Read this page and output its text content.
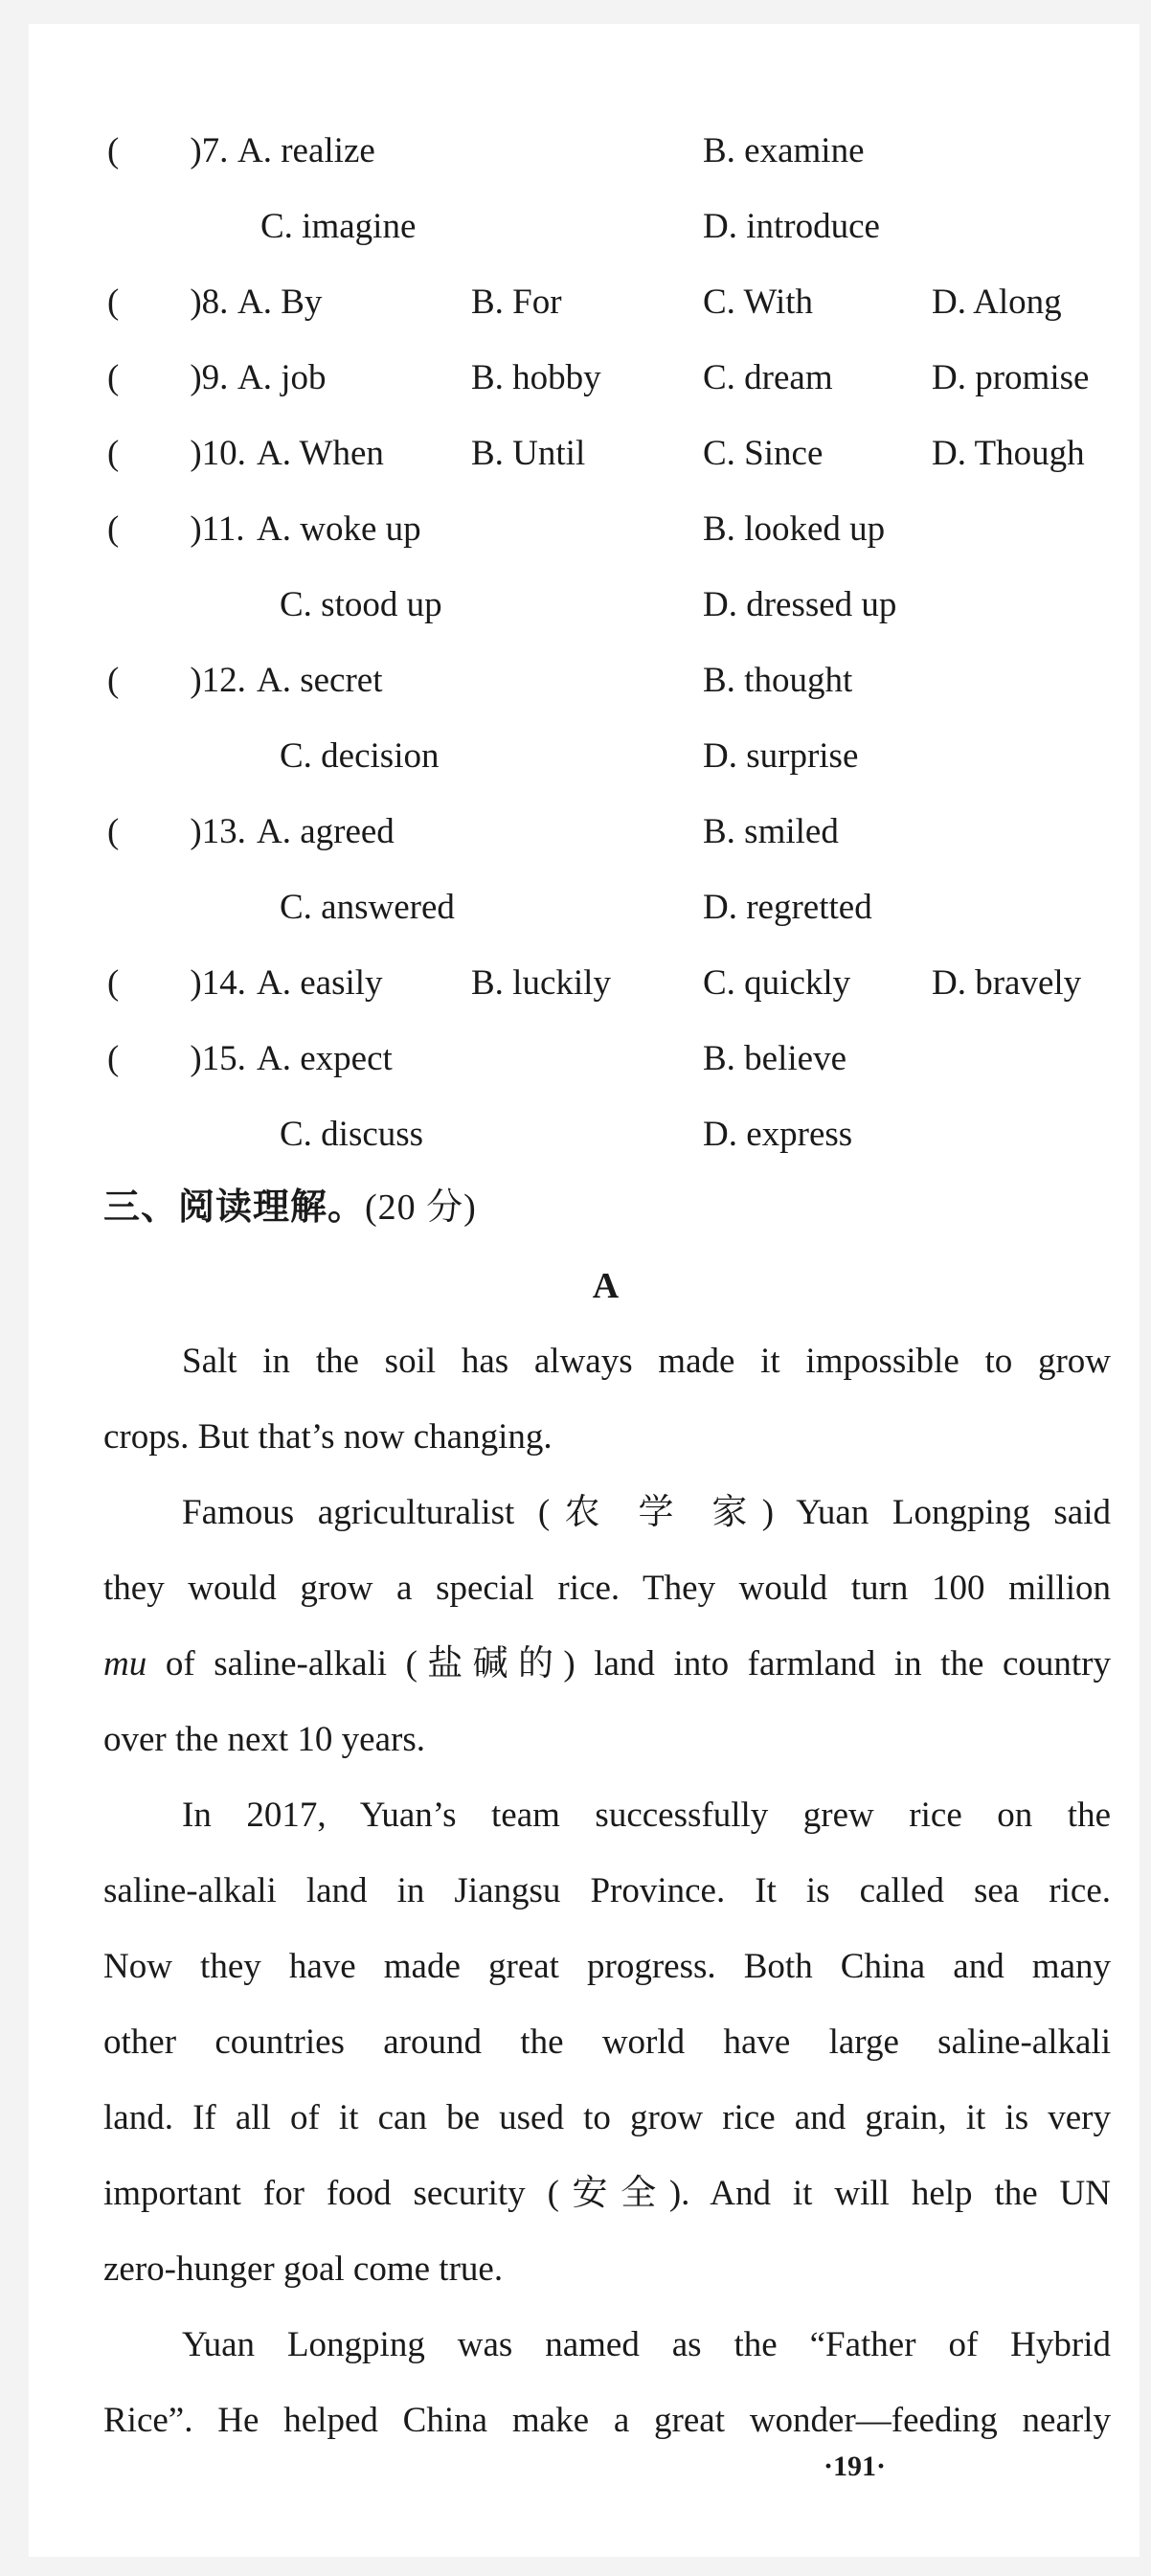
(　　)7. A. realize	B. examine
C. imagine	D. introduce
(　　)8. A. By	B. For	C. With	D. Along
(　　)9. A. job	B. hobby	C. dream	D. promise
(　　)10. A. When B. Until	C. Since	D. Though
(　　)11. A. woke up	B. looked up
C. stood up	D. dressed up
(　　)12. A. secret	B. thought
C. decision	D. surprise
(　　)13. A. agreed	B. smiled
C. answered	D. regretted
(　　)14. A. easily B. luckily	C. quickly D. bravely
(　　)15. A. expect	B. believe
C. discuss	D. express
三、阅读理解。(20 分)
A
Salt in the soil has always made it impossible to grow
crops. But that’s now changing.
Famous agriculturalist (农 学 家) Yuan Longping said
they would grow a special rice. They would turn 100 million
mu of saline-alkali (盐碱的) land into farmland in the country
over the next 10 years.
In 2017, Yuan’s team successfully grew rice on the
saline-alkali land in Jiangsu Province. It is called sea rice.
Now they have made great progress. Both China and many
other countries around the world have large saline-alkali
land. If all of it can be used to grow rice and grain, it is very
important for food security (安全). And it will help the UN
zero-hunger goal come true.
Yuan Longping was named as the “Father of Hybrid
Rice”. He helped China make a great wonder—feeding nearly
·191·
